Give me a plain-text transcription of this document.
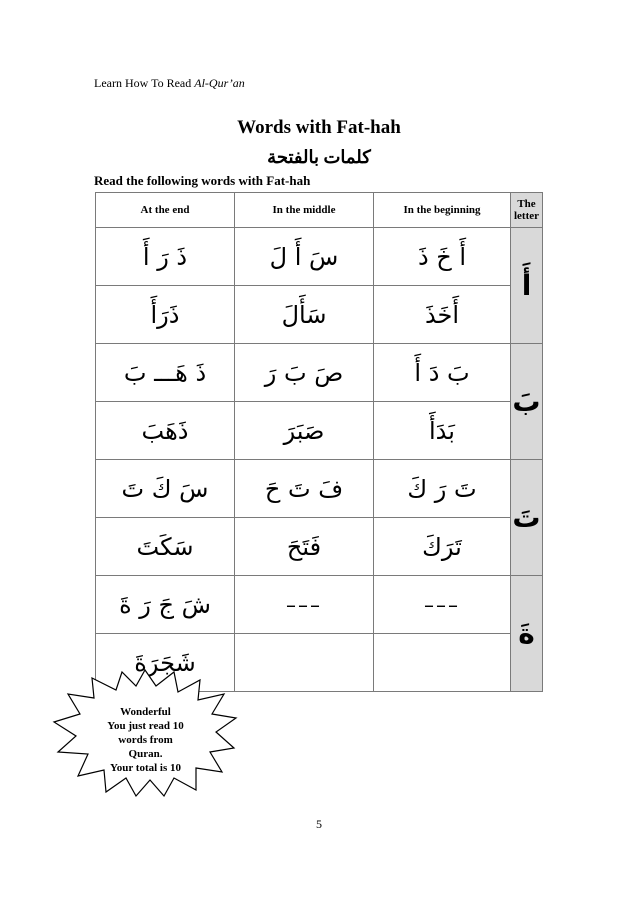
Learn How To Read Al-Qur’an
Words with Fat-hah
كلمات بالفتحة
Read the following words with Fat-hah
At the end	In the middle	In the beginning	The letter
ذَ رَ أَ	سَ أَ لَ	أَ خَ ذَ	أَ
ذَرَأَ	سَأَلَ	أَخَذَ	
ذَ هَـــ بَ	صَ بَ رَ	بَ دَ أَ	بَ
ذَهَبَ	صَبَرَ	بَدَأَ	
سَ كَ تَ	فَ تَ حَ	تَ رَ كَ	تَ
سَكَتَ	فَتَحَ	تَرَكَ	
شَ جَ رَ ةَ	–––	–––	ةَ
شَجَرَةَ			
Wonderful
You just read 10
words from
Quran.
Your total is 10
5
